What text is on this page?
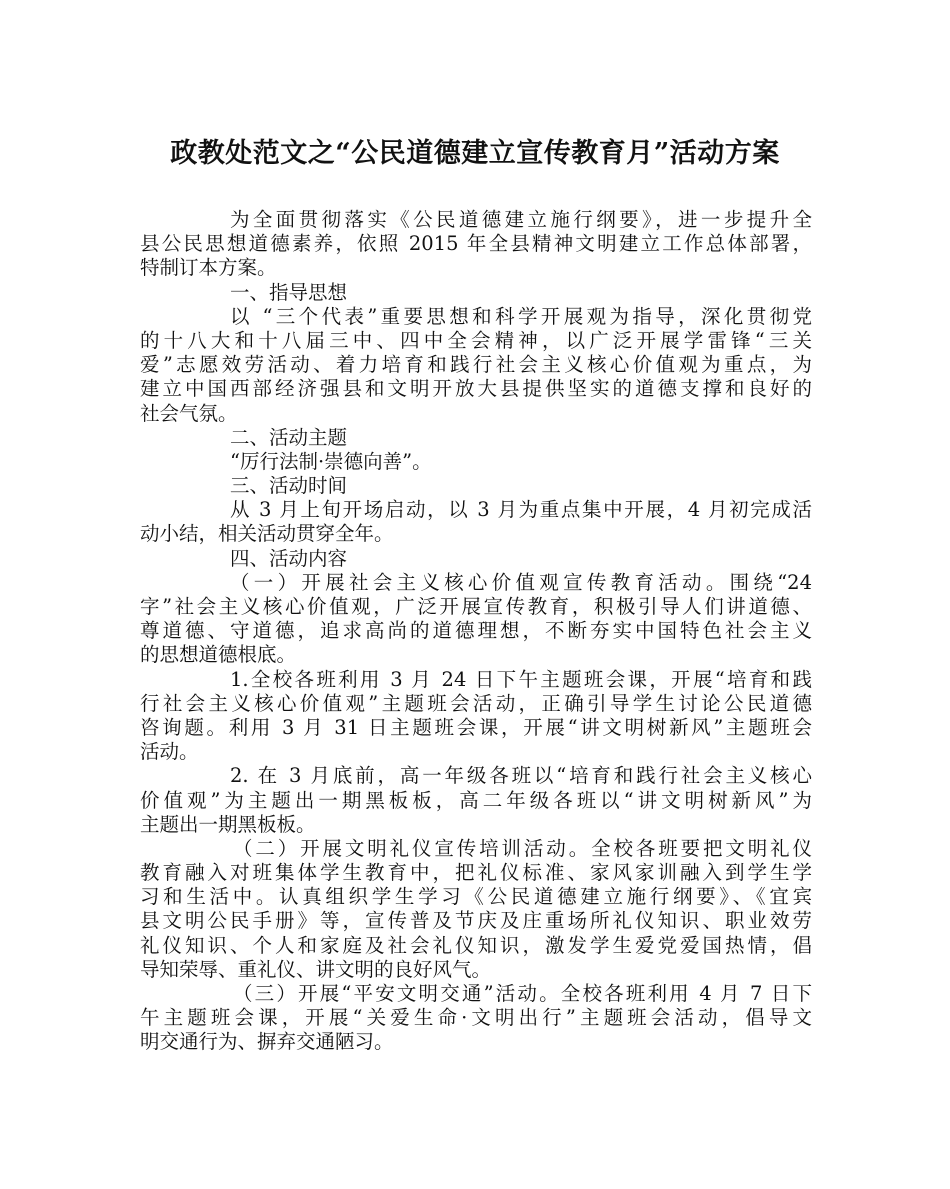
政教处范文之“公民道德建立宣传教育月”活动方案
为全面贯彻落实《公民道德建立施行纲要》，进一步提升全
县公民思想道德素养，依照 2015 年全县精神文明建立工作总体部署，
特制订本方案。
一、指导思想
以 “三个代表”重要思想和科学开展观为指导，深化贯彻党
的十八大和十八届三中、四中全会精神，以广泛开展学雷锋“三关
爱”志愿效劳活动、着力培育和践行社会主义核心价值观为重点，为
建立中国西部经济强县和文明开放大县提供坚实的道德支撑和良好的
社会气氛。
二、活动主题
“厉行法制·崇德向善”。
三、活动时间
从 3 月上旬开场启动，以 3 月为重点集中开展，4 月初完成活
动小结，相关活动贯穿全年。
四、活动内容
（一）开展社会主义核心价值观宣传教育活动。围绕“24
字”社会主义核心价值观，广泛开展宣传教育，积极引导人们讲道德、
尊道德、守道德，追求高尚的道德理想，不断夯实中国特色社会主义
的思想道德根底。
1.全校各班利用 3 月 24 日下午主题班会课，开展“培育和践
行社会主义核心价值观”主题班会活动，正确引导学生讨论公民道德
咨询题。利用 3 月 31 日主题班会课，开展“讲文明树新风”主题班会
活动。
2. 在 3 月底前，高一年级各班以“培育和践行社会主义核心
价值观”为主题出一期黑板板，高二年级各班以“讲文明树新风”为
主题出一期黑板板。
（二）开展文明礼仪宣传培训活动。全校各班要把文明礼仪
教育融入对班集体学生教育中，把礼仪标准、家风家训融入到学生学
习和生活中。认真组织学生学习《公民道德建立施行纲要》、《宜宾
县文明公民手册》等，宣传普及节庆及庄重场所礼仪知识、职业效劳
礼仪知识、个人和家庭及社会礼仪知识，激发学生爱党爱国热情，倡
导知荣辱、重礼仪、讲文明的良好风气。
（三）开展“平安文明交通”活动。全校各班利用 4 月 7 日下
午主题班会课，开展“关爱生命·文明出行”主题班会活动，倡导文
明交通行为、摒弃交通陋习。
